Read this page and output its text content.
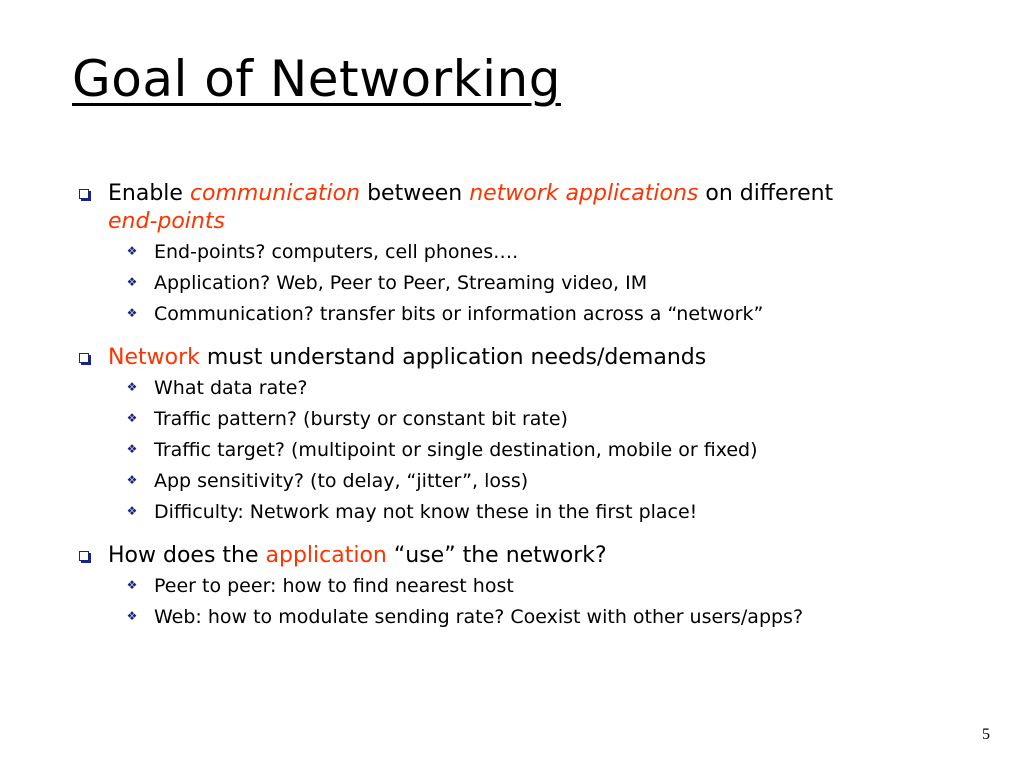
Goal of Networking
Enable communication between network applications on different end-points
❖ End-points? computers, cell phones….
❖ Application? Web, Peer to Peer, Streaming video, IM
❖ Communication? transfer bits or information across a “network”
Network must understand application needs/demands
❖ What data rate?
❖ Traffic pattern? (bursty or constant bit rate)
❖ Traffic target? (multipoint or single destination, mobile or fixed)
❖ App sensitivity? (to delay, “jitter”, loss)
❖ Difficulty: Network may not know these in the first place!
How does the application “use” the network?
❖ Peer to peer: how to find nearest host
❖ Web: how to modulate sending rate? Coexist with other users/apps?
5
